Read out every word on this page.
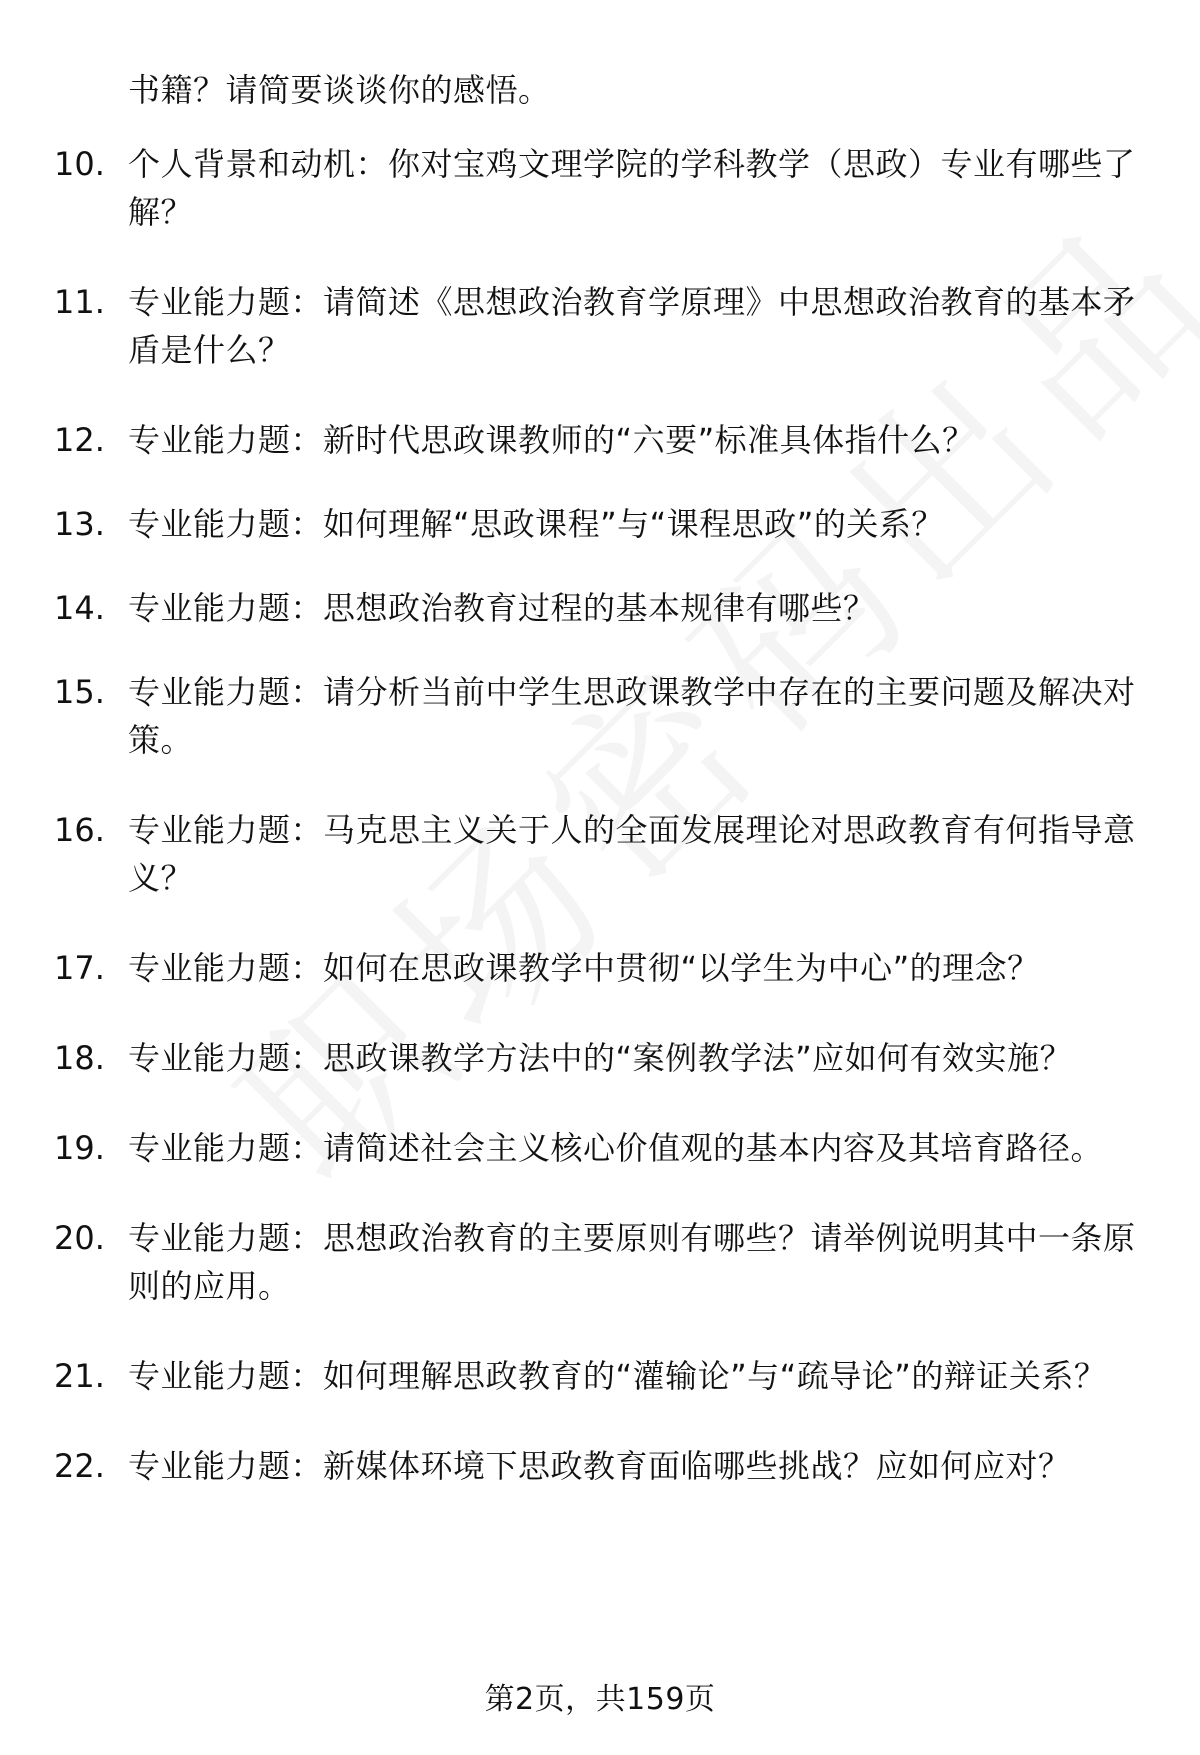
书籍？请简要谈谈你的感悟。
10. 个人背景和动机：你对宝鸡文理学院的学科教学（思政）专业有哪些了解？
11. 专业能力题：请简述《思想政治教育学原理》中思想政治教育的基本矛盾是什么？
12. 专业能力题：新时代思政课教师的“六要”标准具体指什么？
13. 专业能力题：如何理解“思政课程”与“课程思政”的关系？
14. 专业能力题：思想政治教育过程的基本规律有哪些？
15. 专业能力题：请分析当前中学生思政课教学中存在的主要问题及解决对策。
16. 专业能力题：马克思主义关于人的全面发展理论对思政教育有何指导意义？
17. 专业能力题：如何在思政课教学中贯彻“以学生为中心”的理念？
18. 专业能力题：思政课教学方法中的“案例教学法”应如何有效实施？
19. 专业能力题：请简述社会主义核心价值观的基本内容及其培育路径。
20. 专业能力题：思想政治教育的主要原则有哪些？请举例说明其中一条原则的应用。
21. 专业能力题：如何理解思政教育的“灌输论”与“疏导论”的辩证关系？
22. 专业能力题：新媒体环境下思政教育面临哪些挑战？应如何应对？
第2页，共159页
